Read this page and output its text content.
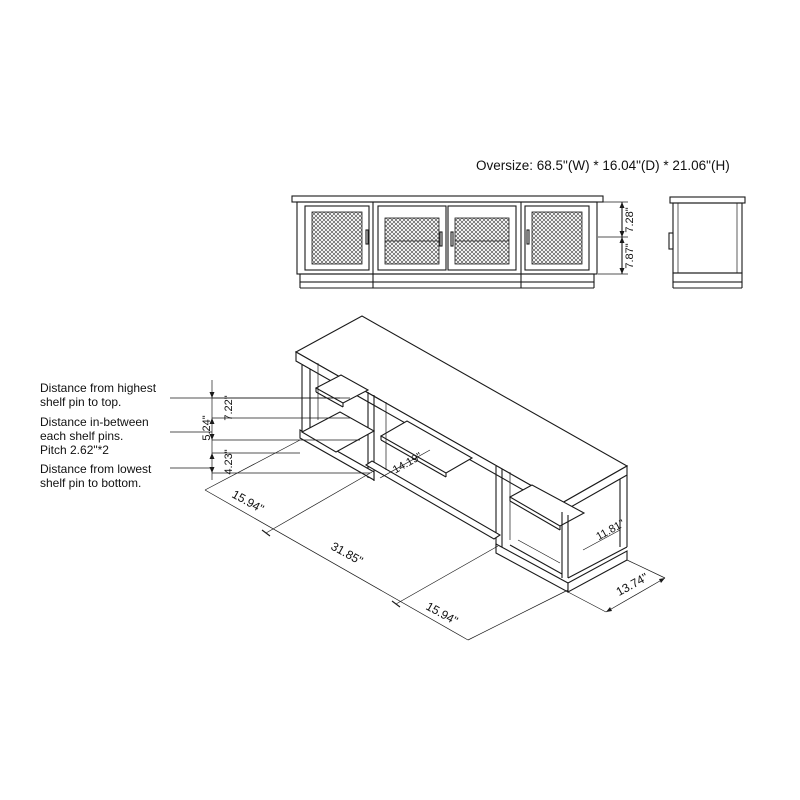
Oversize: 68.5"(W) * 16.04"(D) * 21.06"(H)
7.28"
7.87"
Distance from highest
shelf pin to top.
Distance in-between
each shelf pins.
Pitch 2.62"*2
Distance from lowest
shelf pin to bottom.
7.22"
5.24"
4.23"
15.94"
31.85"
15.94"
14.19"
11.81"
13.74"
